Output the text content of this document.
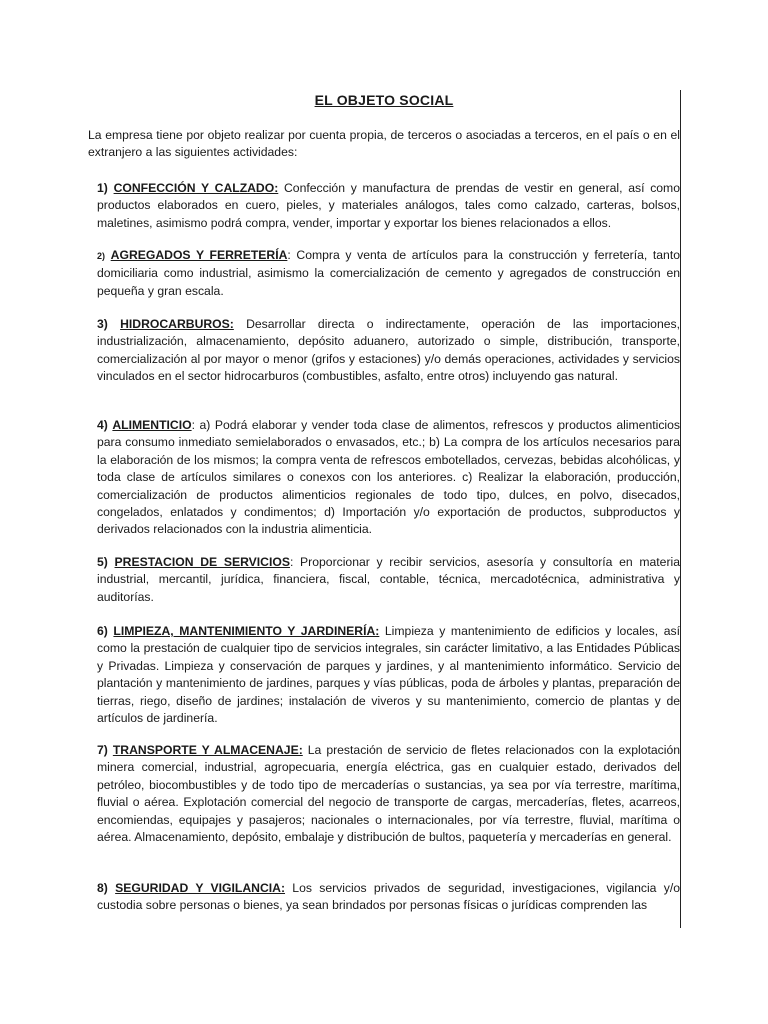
EL OBJETO SOCIAL

La empresa tiene por objeto realizar por cuenta propia, de terceros o asociadas a terceros, en el país o en el extranjero a las siguientes actividades:

1) CONFECCIÓN Y CALZADO: Confección y manufactura de prendas de vestir en general, así como productos elaborados en cuero, pieles, y materiales análogos, tales como calzado, carteras, bolsos, maletines, asimismo podrá compra, vender, importar y exportar los bienes relacionados a ellos.

2) AGREGADOS Y FERRETERÍA: Compra y venta de artículos para la construcción y ferretería, tanto domiciliaria como industrial, asimismo la comercialización de cemento y agregados de construcción en pequeña y gran escala.

3) HIDROCARBUROS: Desarrollar directa o indirectamente, operación de las importaciones, industrialización, almacenamiento, depósito aduanero, autorizado o simple, distribución, transporte, comercialización al por mayor o menor (grifos y estaciones) y/o demás operaciones, actividades y servicios vinculados en el sector hidrocarburos (combustibles, asfalto, entre otros) incluyendo gas natural.

4) ALIMENTICIO: a) Podrá elaborar y vender toda clase de alimentos, refrescos y productos alimenticios para consumo inmediato semielaborados o envasados, etc.; b) La compra de los artículos necesarios para la elaboración de los mismos; la compra venta de refrescos embotellados, cervezas, bebidas alcohólicas, y toda clase de artículos similares o conexos con los anteriores. c) Realizar la elaboración, producción, comercialización de productos alimenticios regionales de todo tipo, dulces, en polvo, disecados, congelados, enlatados y condimentos; d) Importación y/o exportación de productos, subproductos y derivados relacionados con la industria alimenticia.

5) PRESTACION DE SERVICIOS: Proporcionar y recibir servicios, asesoría y consultoría en materia industrial, mercantil, jurídica, financiera, fiscal, contable, técnica, mercadotécnica, administrativa y auditorías.

6) LIMPIEZA, MANTENIMIENTO Y JARDINERÍA: Limpieza y mantenimiento de edificios y locales, así como la prestación de cualquier tipo de servicios integrales, sin carácter limitativo, a las Entidades Públicas y Privadas. Limpieza y conservación de parques y jardines, y al mantenimiento informático. Servicio de plantación y mantenimiento de jardines, parques y vías públicas, poda de árboles y plantas, preparación de tierras, riego, diseño de jardines; instalación de viveros y su mantenimiento, comercio de plantas y de artículos de jardinería.

7) TRANSPORTE Y ALMACENAJE: La prestación de servicio de fletes relacionados con la explotación minera comercial, industrial, agropecuaria, energía eléctrica, gas en cualquier estado, derivados del petróleo, biocombustibles y de todo tipo de mercaderías o sustancias, ya sea por vía terrestre, marítima, fluvial o aérea. Explotación comercial del negocio de transporte de cargas, mercaderías, fletes, acarreos, encomiendas, equipajes y pasajeros; nacionales o internacionales, por vía terrestre, fluvial, marítima o aérea. Almacenamiento, depósito, embalaje y distribución de bultos, paquetería y mercaderías en general.

8) SEGURIDAD Y VIGILANCIA: Los servicios privados de seguridad, investigaciones, vigilancia y/o custodia sobre personas o bienes, ya sean brindados por personas físicas o jurídicas comprenden las
